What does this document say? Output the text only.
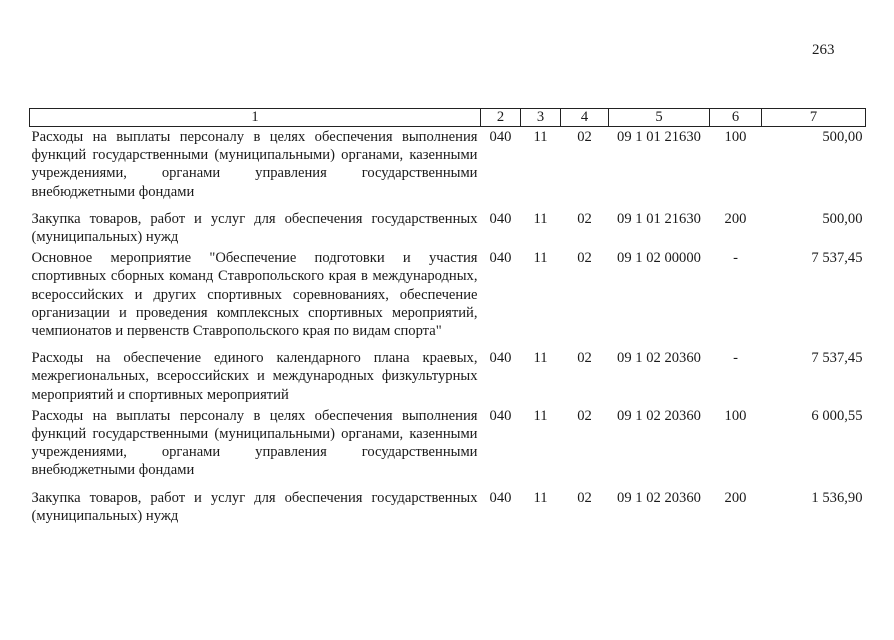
263
1	2	3	4	5	6	7
Расходы на выплаты персоналу в целях обеспечения выполнения функций государственными (муниципальными) органами, казенными учреждениями, органами управления государственными внебюджетными фондами	040	11	02	09 1 01 21630	100	500,00
Закупка товаров, работ и услуг для обеспечения государственных (муниципальных) нужд	040	11	02	09 1 01 21630	200	500,00
Основное мероприятие "Обеспечение подготовки и участия спортивных сборных команд Ставропольского края в международных, всероссийских и других спортивных соревнованиях, обеспечение организации и проведения комплексных спортивных мероприятий, чемпионатов и первенств Ставропольского края по видам спорта"	040	11	02	09 1 02 00000	-	7 537,45
Расходы на обеспечение единого календарного плана краевых, межрегиональных, всероссийских и международных физкультурных мероприятий и спортивных мероприятий	040	11	02	09 1 02 20360	-	7 537,45
Расходы на выплаты персоналу в целях обеспечения выполнения функций государственными (муниципальными) органами, казенными учреждениями, органами управления государственными внебюджетными фондами	040	11	02	09 1 02 20360	100	6 000,55
Закупка товаров, работ и услуг для обеспечения государственных (муниципальных) нужд	040	11	02	09 1 02 20360	200	1 536,90
